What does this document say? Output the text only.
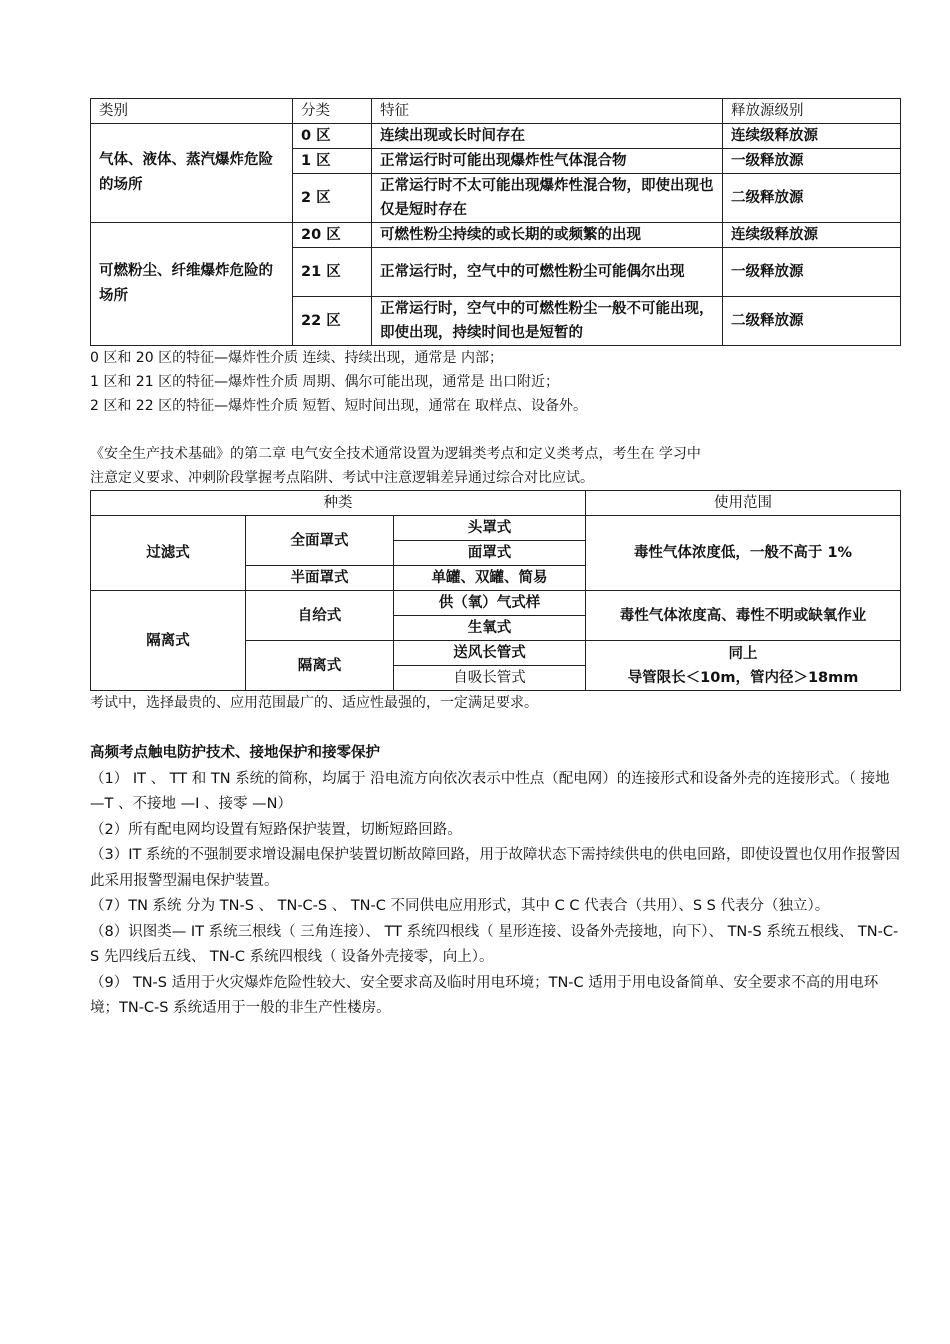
类别	分类	特征	释放源级别
气体、液体、蒸汽爆炸危险的场所	0 区	连续出现或长时间存在	连续级释放源
	1 区	正常运行时可能出现爆炸性气体混合物	一级释放源
	2 区	正常运行时不太可能出现爆炸性混合物，即使出现也仅是短时存在	二级释放源
可燃粉尘、纤维爆炸危险的场所	20 区	可燃性粉尘持续的或长期的或频繁的出现	连续级释放源
	21 区	正常运行时，空气中的可燃性粉尘可能偶尔出现	一级释放源
	22 区	正常运行时，空气中的可燃性粉尘一般不可能出现，即使出现，持续时间也是短暂的	二级释放源

0 区和 20 区的特征—爆炸性介质 连续、持续出现，通常是 内部；

1 区和 21 区的特征—爆炸性介质 周期、偶尔可能出现，通常是 出口附近；

2 区和 22 区的特征—爆炸性介质 短暂、短时间出现，通常在 取样点、设备外。

《安全生产技术基础》的第二章 电气安全技术通常设置为逻辑类考点和定义类考点，考生在 学习中

注意定义要求、冲刺阶段掌握考点陷阱、考试中注意逻辑差异通过综合对比应试。

种类			使用范围
过滤式	全面罩式	头罩式	毒性气体浓度低，一般不高于 1%
		面罩式	
	半面罩式	单罐、双罐、简易	
隔离式	自给式	供（氧）气式样	毒性气体浓度高、毒性不明或缺氧作业
		生氧式	
	隔离式	送风长管式	同上
导管限长＜10m，管内径＞18mm

		自吸长管式	

考试中，选择最贵的、应用范围最广的、适应性最强的，一定满足要求。

高频考点触电防护技术、接地保护和接零保护

（1） IT 、 TT 和 TN 系统的简称，均属于 沿电流方向依次表示中性点（配电网）的连接形式和设备外壳的连接形式。（ 接地 —T 、不接地 —I 、接零 —N）

（2）所有配电网均设置有短路保护装置，切断短路回路。

（3）IT 系统的不强制要求增设漏电保护装置切断故障回路，用于故障状态下需持续供电的供电回路，即使设置也仅用作报警因此采用报警型漏电保护装置。

（7）TN 系统 分为 TN-S 、 TN-C-S 、 TN-C 不同供电应用形式，其中 C C 代表合（共用）、S S 代表分（独立）。

（8）识图类— IT 系统三根线（ 三角连接）、 TT 系统四根线（ 星形连接、设备外壳接地，向下）、 TN-S 系统五根线、 TN-C-S 先四线后五线、 TN-C 系统四根线（ 设备外壳接零，向上）。

（9） TN-S 适用于火灾爆炸危险性较大、安全要求高及临时用电环境；TN-C 适用于用电设备简单、安全要求不高的用电环境；TN-C-S 系统适用于一般的非生产性楼房。
